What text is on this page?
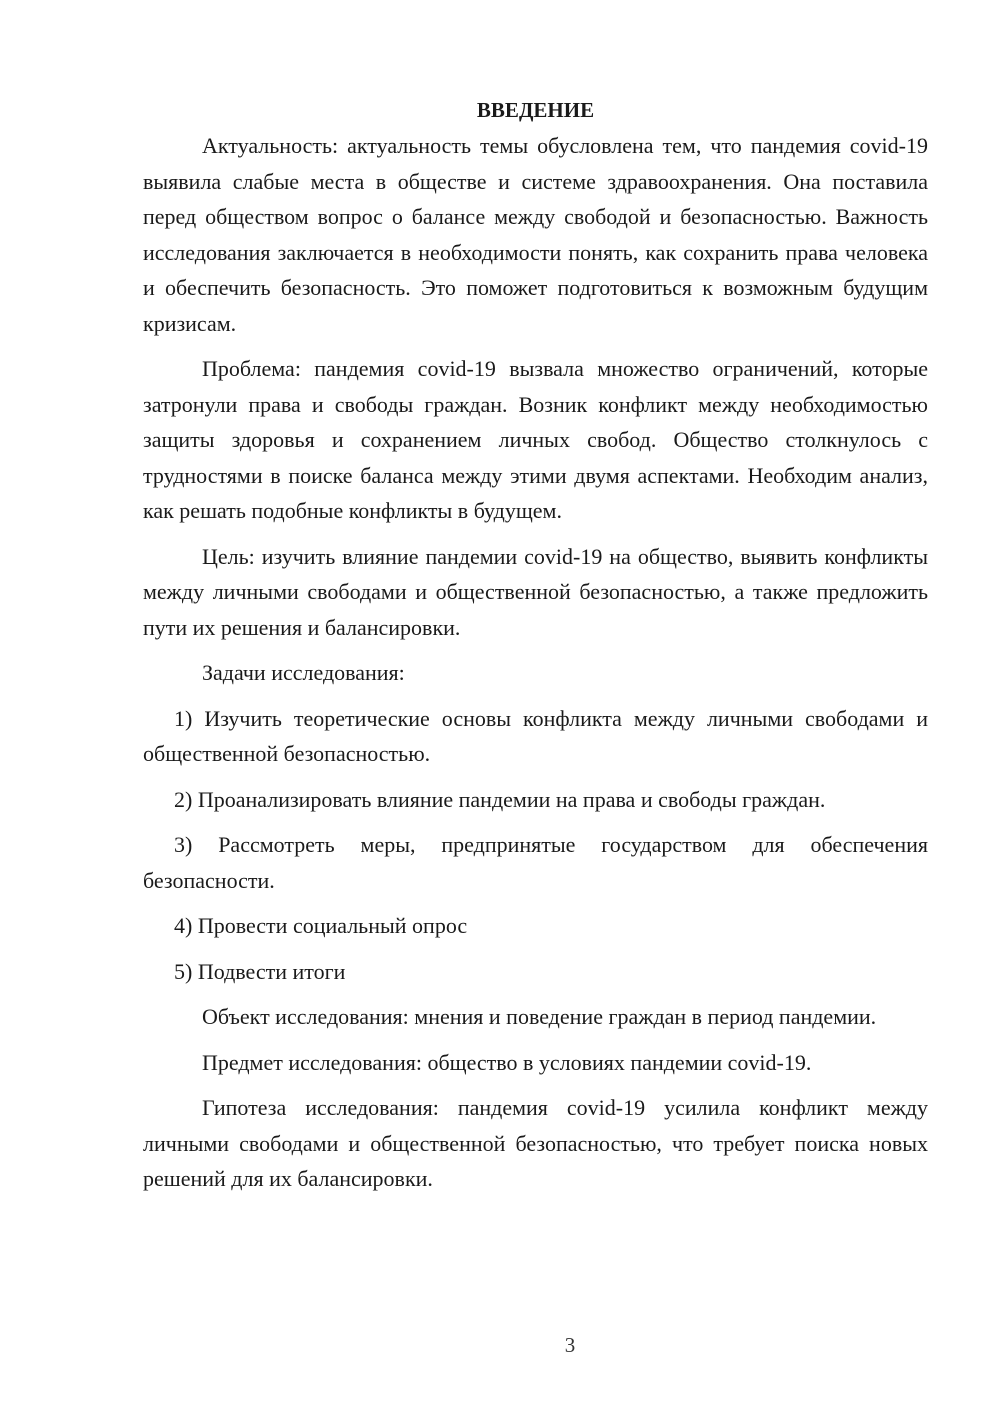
ВВЕДЕНИЕ

Актуальность: актуальность темы обусловлена тем, что пандемия covid-19 выявила слабые места в обществе и системе здравоохранения. Она поставила перед обществом вопрос о балансе между свободой и безопасностью. Важность исследования заключается в необходимости понять, как сохранить права человека и обеспечить безопасность. Это поможет подготовиться к возможным будущим кризисам.

Проблема: пандемия covid-19 вызвала множество ограничений, которые затронули права и свободы граждан. Возник конфликт между необходимостью защиты здоровья и сохранением личных свобод. Общество столкнулось с трудностями в поиске баланса между этими двумя аспектами. Необходим анализ, как решать подобные конфликты в будущем.

Цель: изучить влияние пандемии covid-19 на общество, выявить конфликты между личными свободами и общественной безопасностью, а также предложить пути их решения и балансировки.

Задачи исследования:

1) Изучить теоретические основы конфликта между личными свободами и общественной безопасностью.

2) Проанализировать влияние пандемии на права и свободы граждан.

3) Рассмотреть меры, предпринятые государством для обеспечения безопасности.

4) Провести социальный опрос

5) Подвести итоги

Объект исследования: мнения и поведение граждан в период пандемии.

Предмет исследования: общество в условиях пандемии covid-19.

Гипотеза исследования: пандемия covid-19 усилила конфликт между личными свободами и общественной безопасностью, что требует поиска новых решений для их балансировки.

3
